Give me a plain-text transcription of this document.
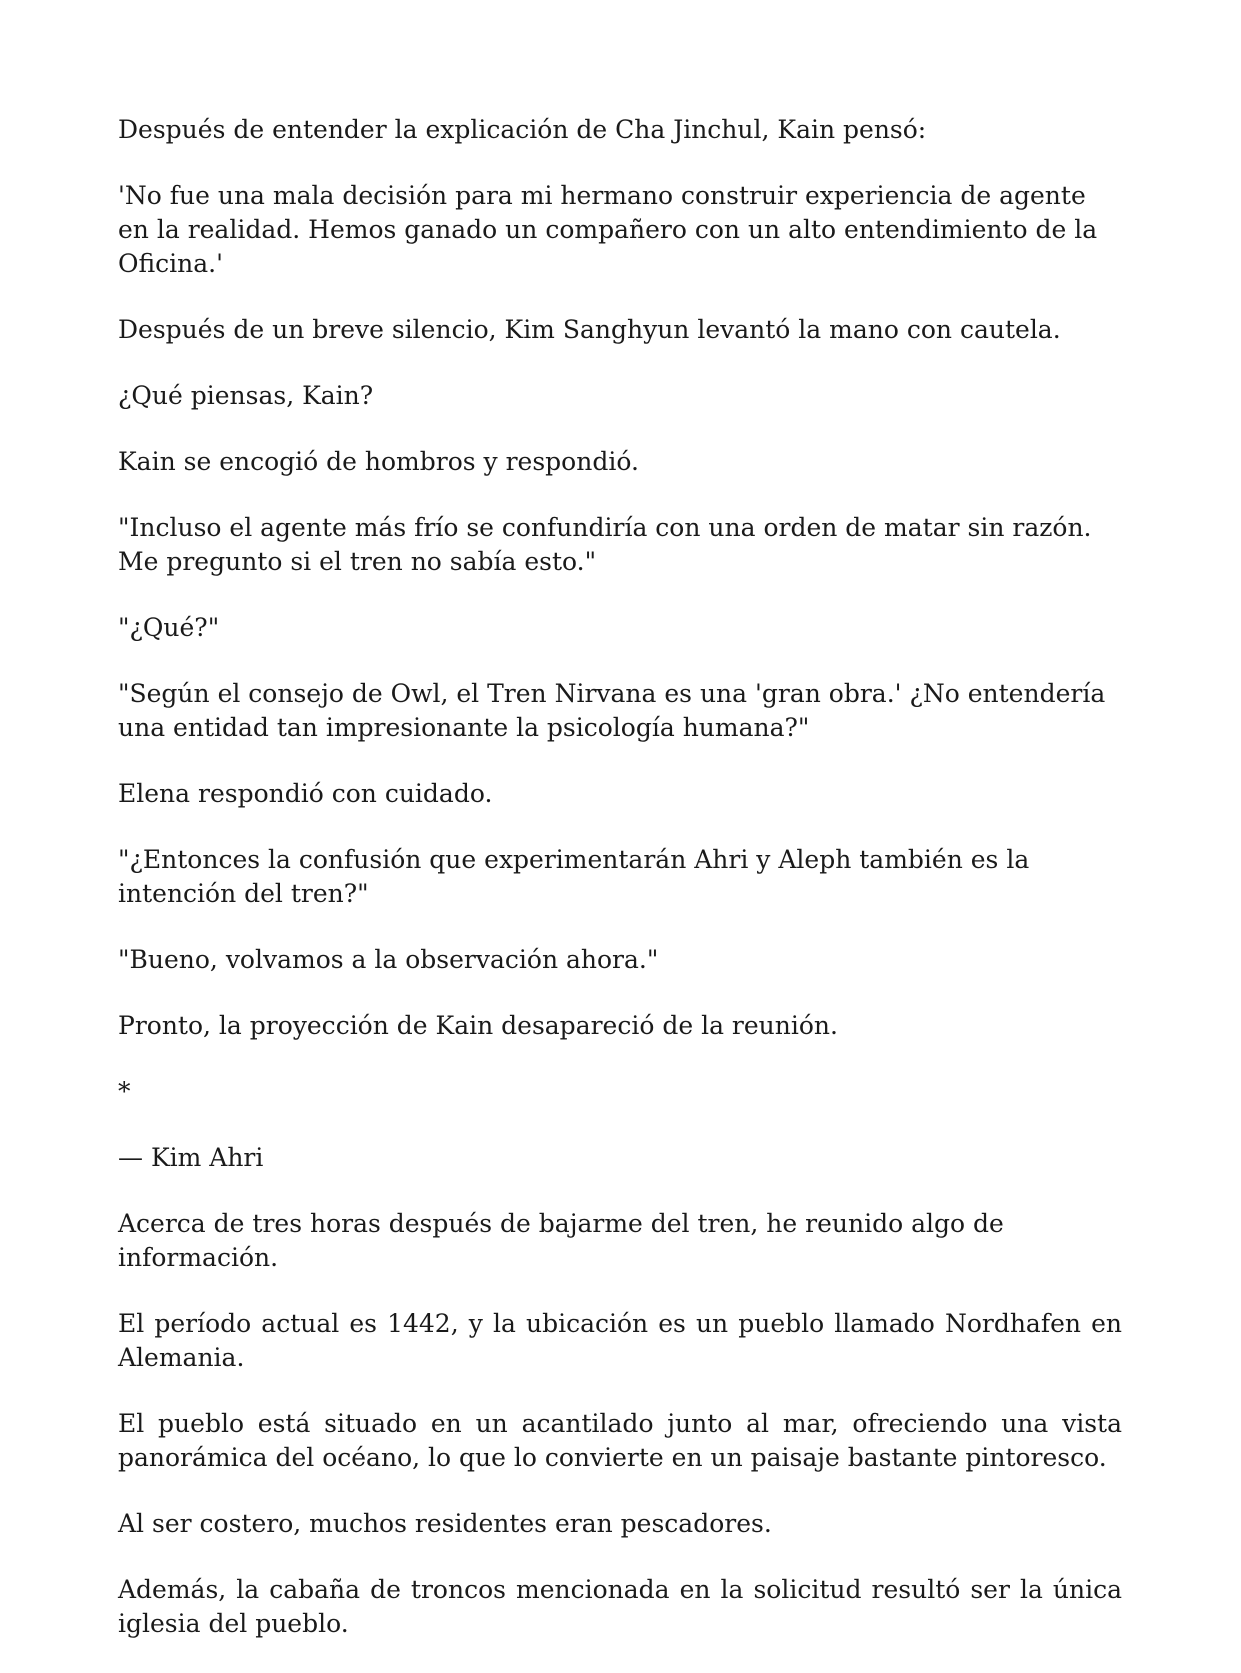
Después de entender la explicación de Cha Jinchul, Kain pensó:

'No fue una mala decisión para mi hermano construir experiencia de agente en la realidad. Hemos ganado un compañero con un alto entendimiento de la Oficina.'

Después de un breve silencio, Kim Sanghyun levantó la mano con cautela.

¿Qué piensas, Kain?

Kain se encogió de hombros y respondió.

"Incluso el agente más frío se confundiría con una orden de matar sin razón. Me pregunto si el tren no sabía esto."

"¿Qué?"

"Según el consejo de Owl, el Tren Nirvana es una 'gran obra.' ¿No entendería una entidad tan impresionante la psicología humana?"

Elena respondió con cuidado.

"¿Entonces la confusión que experimentarán Ahri y Aleph también es la intención del tren?"

"Bueno, volvamos a la observación ahora."

Pronto, la proyección de Kain desapareció de la reunión.

*

— Kim Ahri

Acerca de tres horas después de bajarme del tren, he reunido algo de información.

El período actual es 1442, y la ubicación es un pueblo llamado Nordhafen en Alemania.

El pueblo está situado en un acantilado junto al mar, ofreciendo una vista panorámica del océano, lo que lo convierte en un paisaje bastante pintoresco.

Al ser costero, muchos residentes eran pescadores.

Además, la cabaña de troncos mencionada en la solicitud resultó ser la única iglesia del pueblo.
